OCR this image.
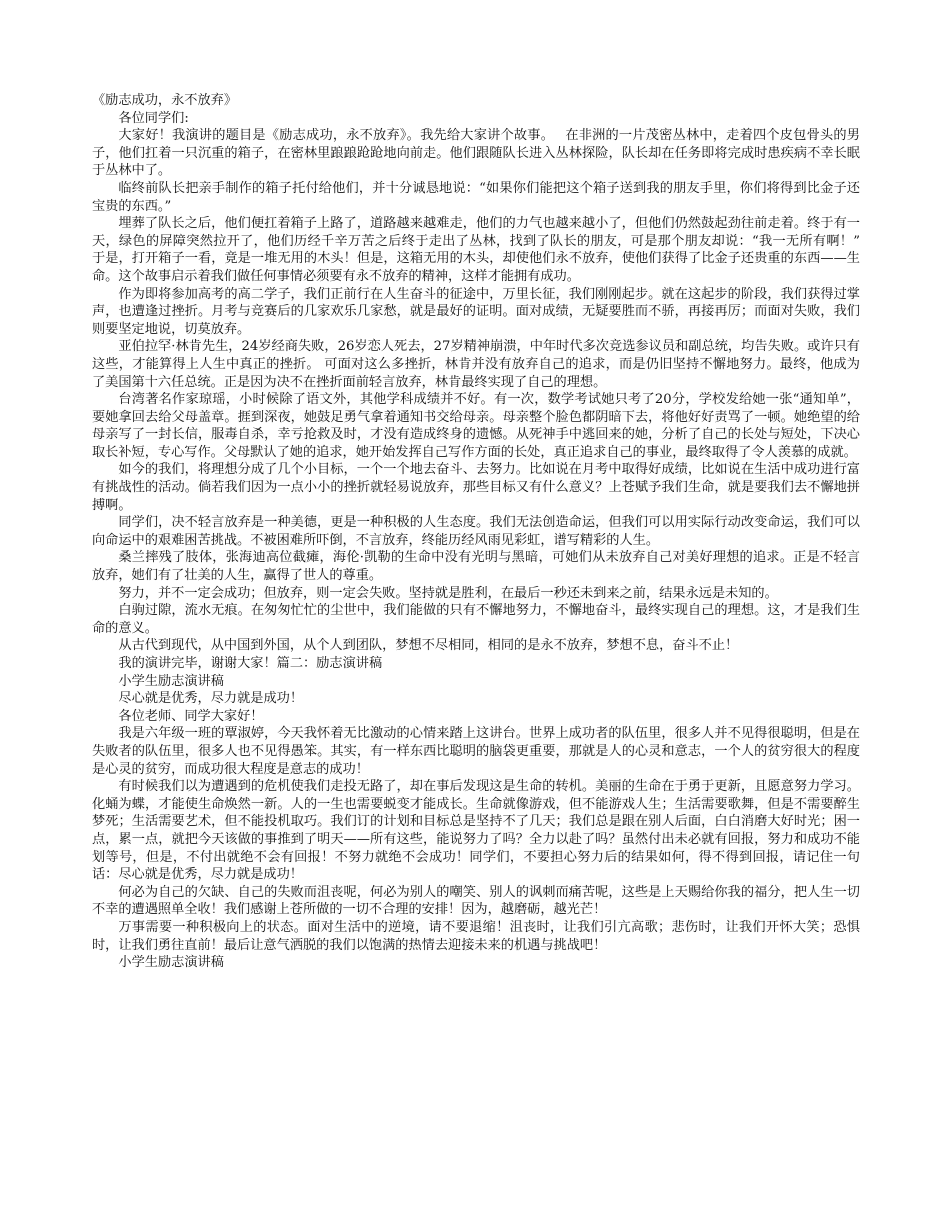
《励志成功，永不放弃》

各位同学们:

大家好！我演讲的题目是《励志成功，永不放弃》。我先给大家讲个故事。　 在非洲的一片茂密丛林中，走着四个皮包骨头的男子，他们扛着一只沉重的箱子，在密林里踉踉跄跄地向前走。他们跟随队长进入丛林探险，队长却在任务即将完成时患疾病不幸长眠于丛林中了。

临终前队长把亲手制作的箱子托付给他们，并十分诚恳地说：“如果你们能把这个箱子送到我的朋友手里，你们将得到比金子还宝贵的东西。”

埋葬了队长之后，他们便扛着箱子上路了，道路越来越难走，他们的力气也越来越小了，但他们仍然鼓起劲往前走着。终于有一天，绿色的屏障突然拉开了，他们历经千辛万苦之后终于走出了丛林，找到了队长的朋友，可是那个朋友却说：“我一无所有啊！”　　于是，打开箱子一看，竟是一堆无用的木头！但是，这箱无用的木头，却使他们永不放弃，使他们获得了比金子还贵重的东西——生命。这个故事启示着我们做任何事情必须要有永不放弃的精神，这样才能拥有成功。

作为即将参加高考的高二学子，我们正前行在人生奋斗的征途中，万里长征，我们刚刚起步。就在这起步的阶段，我们获得过掌声，也遭逢过挫折。月考与竞赛后的几家欢乐几家愁，就是最好的证明。面对成绩，无疑要胜而不骄，再接再厉；而面对失败，我们则要坚定地说，切莫放弃。

亚伯拉罕·林肯先生，24岁经商失败，26岁恋人死去，27岁精神崩溃，中年时代多次竞选参议员和副总统，均告失败。或许只有这些，才能算得上人生中真正的挫折。 可面对这么多挫折，林肯并没有放弃自己的追求，而是仍旧坚持不懈地努力。最终，他成为了美国第十六任总统。正是因为决不在挫折面前轻言放弃，林肯最终实现了自己的理想。

台湾著名作家琼瑶，小时候除了语文外，其他学科成绩并不好。有一次，数学考试她只考了20分，学校发给她一张“通知单”，要她拿回去给父母盖章。捱到深夜，她鼓足勇气拿着通知书交给母亲。母亲整个脸色都阴暗下去，将他好好责骂了一顿。她绝望的给母亲写了一封长信，服毒自杀，幸亏抢救及时，才没有造成终身的遗憾。从死神手中逃回来的她，分析了自己的长处与短处，下决心取长补短，专心写作。父母默认了她的追求，她开始发挥自己写作方面的长处，真正追求自己的事业，最终取得了令人羡慕的成就。

如今的我们，将理想分成了几个小目标，一个一个地去奋斗、去努力。比如说在月考中取得好成绩，比如说在生活中成功进行富有挑战性的活动。倘若我们因为一点小小的挫折就轻易说放弃，那些目标又有什么意义？上苍赋予我们生命，就是要我们去不懈地拼搏啊。

同学们，决不轻言放弃是一种美德，更是一种积极的人生态度。我们无法创造命运，但我们可以用实际行动改变命运，我们可以向命运中的艰难困苦挑战。不被困难所吓倒，不言放弃，终能历经风雨见彩虹，谱写精彩的人生。

桑兰摔残了肢体，张海迪高位截瘫，海伦·凯勒的生命中没有光明与黑暗，可她们从未放弃自己对美好理想的追求。正是不轻言放弃，她们有了壮美的人生，赢得了世人的尊重。

努力，并不一定会成功；但放弃，则一定会失败。坚持就是胜利，在最后一秒还未到来之前，结果永远是未知的。

白驹过隙，流水无痕。在匆匆忙忙的尘世中，我们能做的只有不懈地努力，不懈地奋斗，最终实现自己的理想。这，才是我们生命的意义。

从古代到现代，从中国到外国，从个人到团队，梦想不尽相同，相同的是永不放弃，梦想不息，奋斗不止！

我的演讲完毕，谢谢大家！篇二：励志演讲稿

小学生励志演讲稿

尽心就是优秀，尽力就是成功！

各位老师、同学大家好！

我是六年级一班的覃淑婷，今天我怀着无比激动的心情来踏上这讲台。世界上成功者的队伍里，很多人并不见得很聪明，但是在失败者的队伍里，很多人也不见得愚笨。其实，有一样东西比聪明的脑袋更重要，那就是人的心灵和意志，一个人的贫穷很大的程度是心灵的贫穷，而成功很大程度是意志的成功！

有时候我们以为遭遇到的危机使我们走投无路了，却在事后发现这是生命的转机。美丽的生命在于勇于更新，且愿意努力学习。化蛹为蝶，才能使生命焕然一新。人的一生也需要蜕变才能成长。生命就像游戏，但不能游戏人生；生活需要歌舞，但是不需要醉生梦死；生活需要艺术，但不能投机取巧。我们订的计划和目标总是坚持不了几天；我们总是跟在别人后面，白白消磨大好时光；困一点，累一点，就把今天该做的事推到了明天——所有这些，能说努力了吗？全力以赴了吗？虽然付出未必就有回报，努力和成功不能划等号，但是，不付出就绝不会有回报！不努力就绝不会成功！同学们，不要担心努力后的结果如何，得不得到回报，请记住一句话：尽心就是优秀，尽力就是成功！

何必为自己的欠缺、自己的失败而沮丧呢，何必为别人的嘲笑、别人的讽刺而痛苦呢，这些是上天赐给你我的福分，把人生一切不幸的遭遇照单全收！我们感谢上苍所做的一切不合理的安排！因为，越磨砺，越光芒！

万事需要一种积极向上的状态。面对生活中的逆境，请不要退缩！沮丧时，让我们引亢高歌；悲伤时，让我们开怀大笑；恐惧时，让我们勇往直前！最后让意气洒脱的我们以饱满的热情去迎接未来的机遇与挑战吧！

小学生励志演讲稿
